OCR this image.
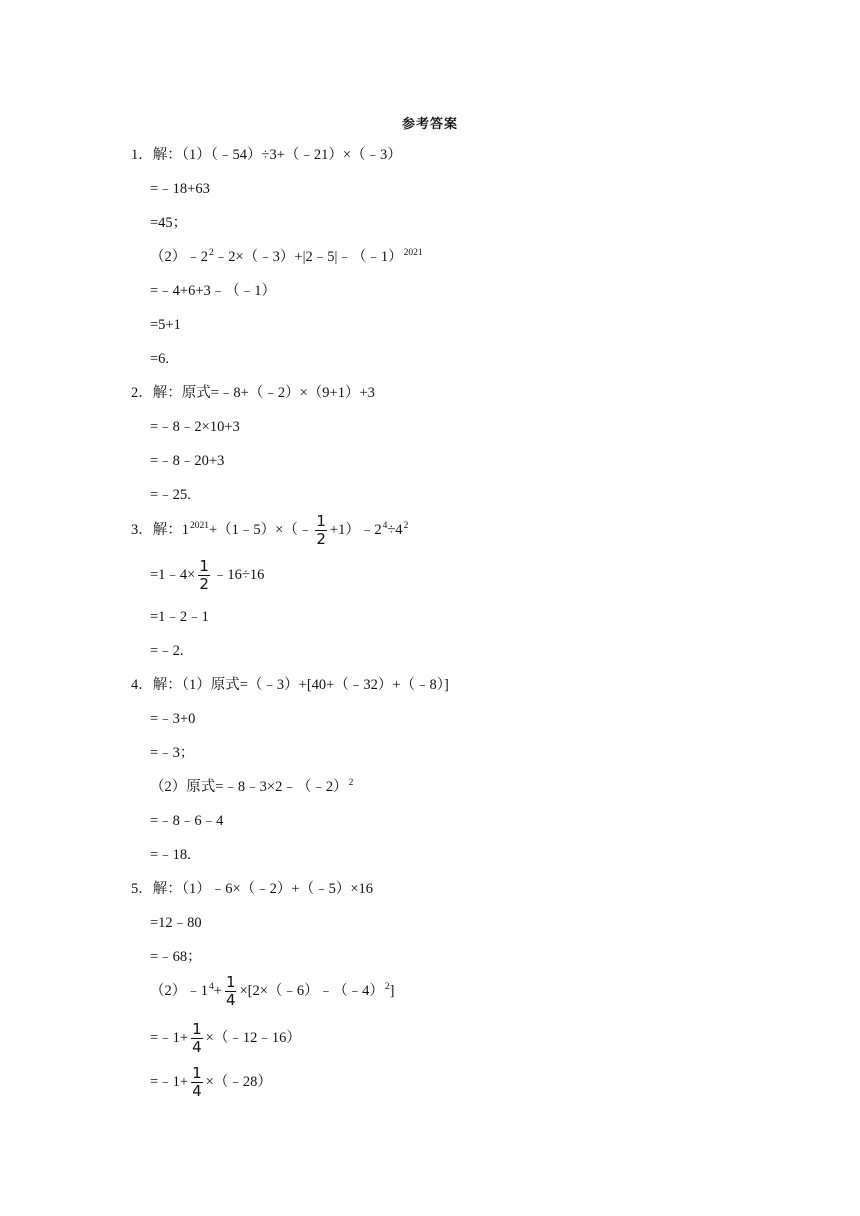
参考答案
1．解：（1）（﹣54）÷3+（﹣21）×（﹣3）
=﹣18+63
=45；
$(2)﹣2^2﹣2\times(﹣3)+|2﹣5|﹣(﹣1)^{2021}$
=﹣4+6+3﹣（﹣1）
=5+1
=6.
2．解：原式=﹣8+（﹣2）×（9+1）+3
=﹣8﹣2×10+3
=﹣8﹣20+3
=﹣25.
3．解：$1^{2021}+(1﹣5)\times(﹣ \frac{1}{2}$ $+1)﹣2^4\div 4^2$
=1﹣4× $\frac{1}{2}$ ﹣16÷16
=1﹣2﹣1
=﹣2.
4．解：（1）原式=（﹣3）+[40+（﹣32）+（﹣8）]
=﹣3+0
=﹣3；
（2）原式=﹣8﹣3×2﹣（﹣2）$^2$
=﹣8﹣6﹣4
=﹣18.
5．解：（1）﹣6×（﹣2）+（﹣5）×16
=12﹣80
=﹣68；
$(2)﹣1^4+ \frac{1}{4}$ ×[2×（﹣6）﹣（﹣4）$^2$]
=﹣1+ $\frac{1}{4}$ ×（﹣12﹣16）
=﹣1+ $\frac{1}{4}$ ×（﹣28）
